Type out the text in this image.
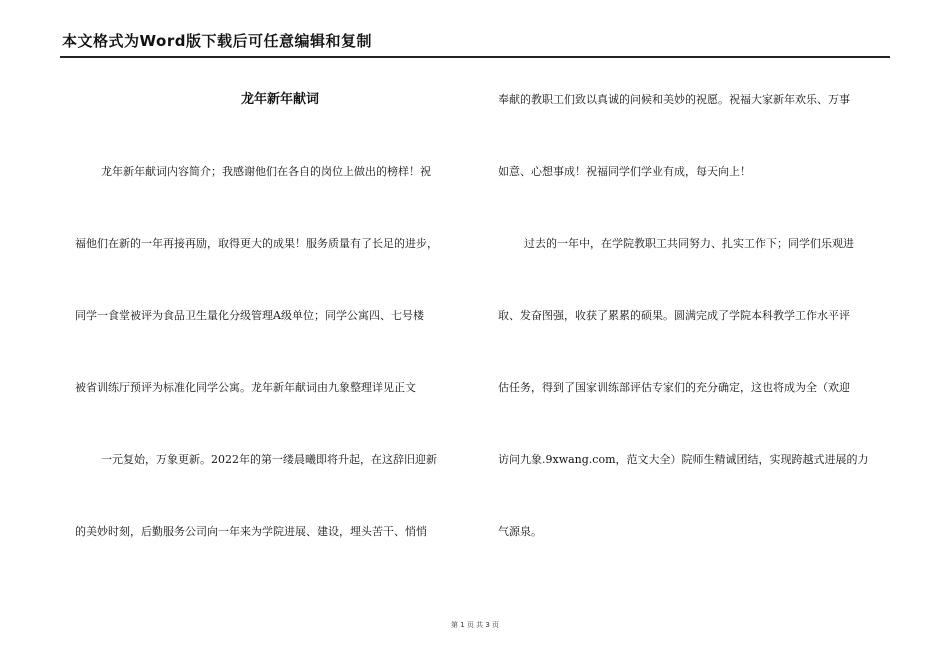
本文格式为Word版下载后可任意编辑和复制
龙年新年献词

龙年新年献词内容简介；我感谢他们在各自的岗位上做出的榜样！祝

福他们在新的一年再接再励，取得更大的成果！服务质量有了长足的进步，

同学一食堂被评为食品卫生量化分级管理A级单位；同学公寓四、七号楼

被省训练厅预评为标准化同学公寓。龙年新年献词由九象整理详见正文

一元复始，万象更新。2022年的第一缕晨曦即将升起，在这辞旧迎新

的美妙时刻，后勤服务公司向一年来为学院进展、建设，埋头苦干、悄悄

奉献的教职工们致以真诚的问候和美妙的祝愿。祝福大家新年欢乐、万事

如意、心想事成！祝福同学们学业有成，每天向上！

过去的一年中，在学院教职工共同努力、扎实工作下；同学们乐观进

取、发奋图强，收获了累累的硕果。圆满完成了学院本科教学工作水平评

估任务，得到了国家训练部评估专家们的充分确定，这也将成为全（欢迎

访问九象.9xwang.com，范文大全）院师生精诚团结，实现跨越式进展的力

气源泉。

第 1 页 共 3 页
